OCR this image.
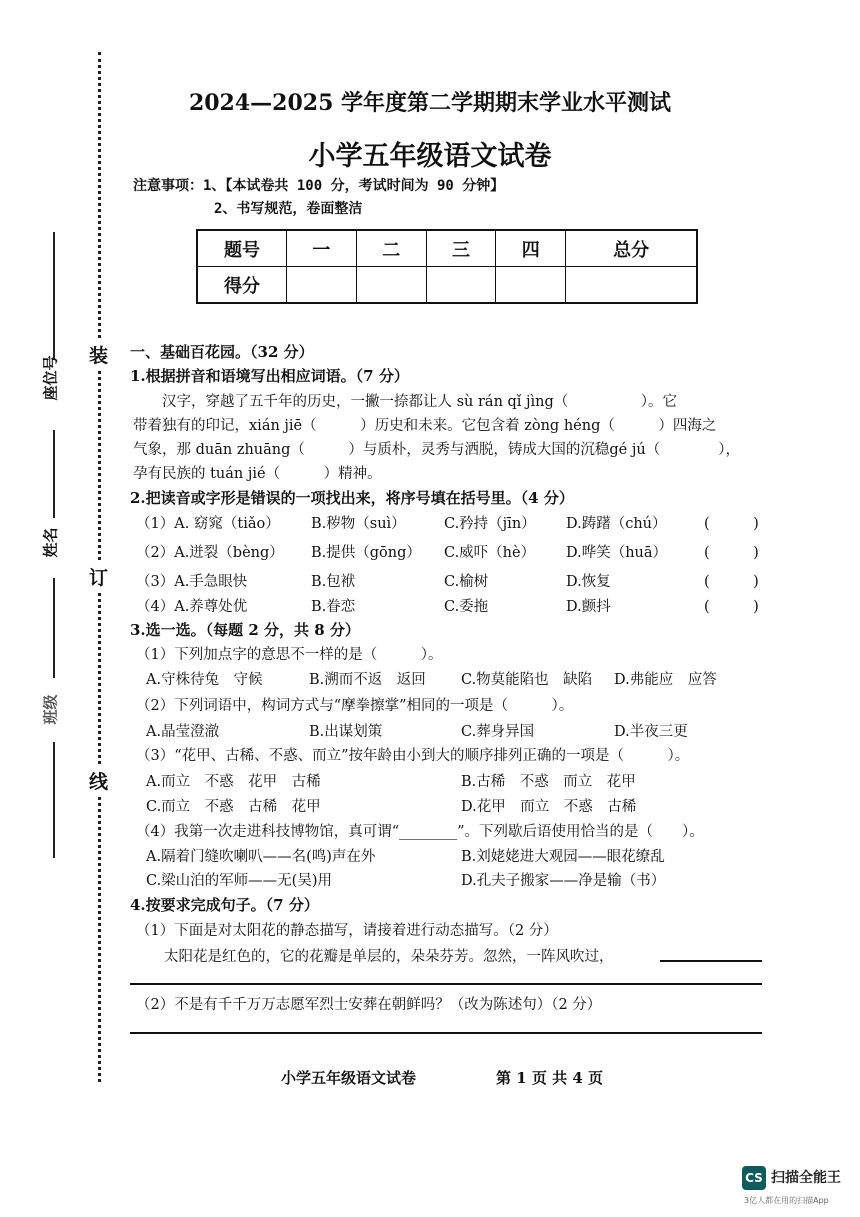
装
订
线
座位号
姓名
班级
2024—2025 学年度第二学期期末学业水平测试
小学五年级语文试卷
注意事项：1、【本试卷共 100 分，考试时间为 90 分钟】
2、书写规范，卷面整洁
题号	一	二	三	四	总分
得分					
一、基础百花园。（32 分）
1.根据拼音和语境写出相应词语。（7 分）
汉字，穿越了五千年的历史，一撇一捺都让人 sù rán qǐ jìng（　　　　　）。它
带着独有的印记，xián jiē（　　　）历史和未来。它包含着 zòng héng（　　　）四海之
气象，那 duān zhuāng（　　　）与质朴，灵秀与洒脱，铸成大国的沉稳gé jú（　　　　），
孕有民族的 tuán jié（　　　）精神。
2.把读音或字形是错误的一项找出来，将序号填在括号里。（4 分）
（1）A. 窈窕（tiǎo） B.秽物（suì）	C.矜持（jīn） D.踌躇（chú）	(　　　)
（2）A.迸裂（bèng） B.提供（gōng） C.威吓（hè） D.哗笑（huā）	(　　　)
（3）A.手急眼快	B.包袱	C.榆树	D.恢复	(　　　)
（4）A.养尊处优	B.眷恋	C.委拖	D.颤抖	(　　　)
3.选一选。（每题 2 分，共 8 分）
（1）下列加点字的意思不一样的是（　　　）。
A.守株待兔　守候	B.溯而不返　返回 C.物莫能陷也　缺陷 D.弗能应　应答
（2）下列词语中，构词方式与“摩拳擦掌”相同的一项是（　　　）。
A.晶莹澄澈	B.出谋划策	C.葬身异国	D.半夜三更
（3）“花甲、古稀、不惑、而立”按年龄由小到大的顺序排列正确的一项是（　　　）。
A.而立　不惑　花甲　古稀	B.古稀　不惑　而立　花甲
C.而立　不惑　古稀　花甲	D.花甲　而立　不惑　古稀
（4）我第一次走进科技博物馆，真可谓“________”。下列歇后语使用恰当的是（　　）。
A.隔着门缝吹喇叭——名(鸣)声在外	B.刘姥姥进大观园——眼花缭乱
C.梁山泊的军师——无(吴)用	D.孔夫子搬家——净是输（书）
4.按要求完成句子。（7 分）
（1）下面是对太阳花的静态描写，请接着进行动态描写。（2 分）
太阳花是红色的，它的花瓣是单层的，朵朵芬芳。忽然，一阵风吹过，
（2）不是有千千万万志愿军烈士安葬在朝鲜吗？（改为陈述句）（2 分）
小学五年级语文试卷	第 1 页 共 4 页
CS 扫描全能王
3亿人都在用的扫描App
